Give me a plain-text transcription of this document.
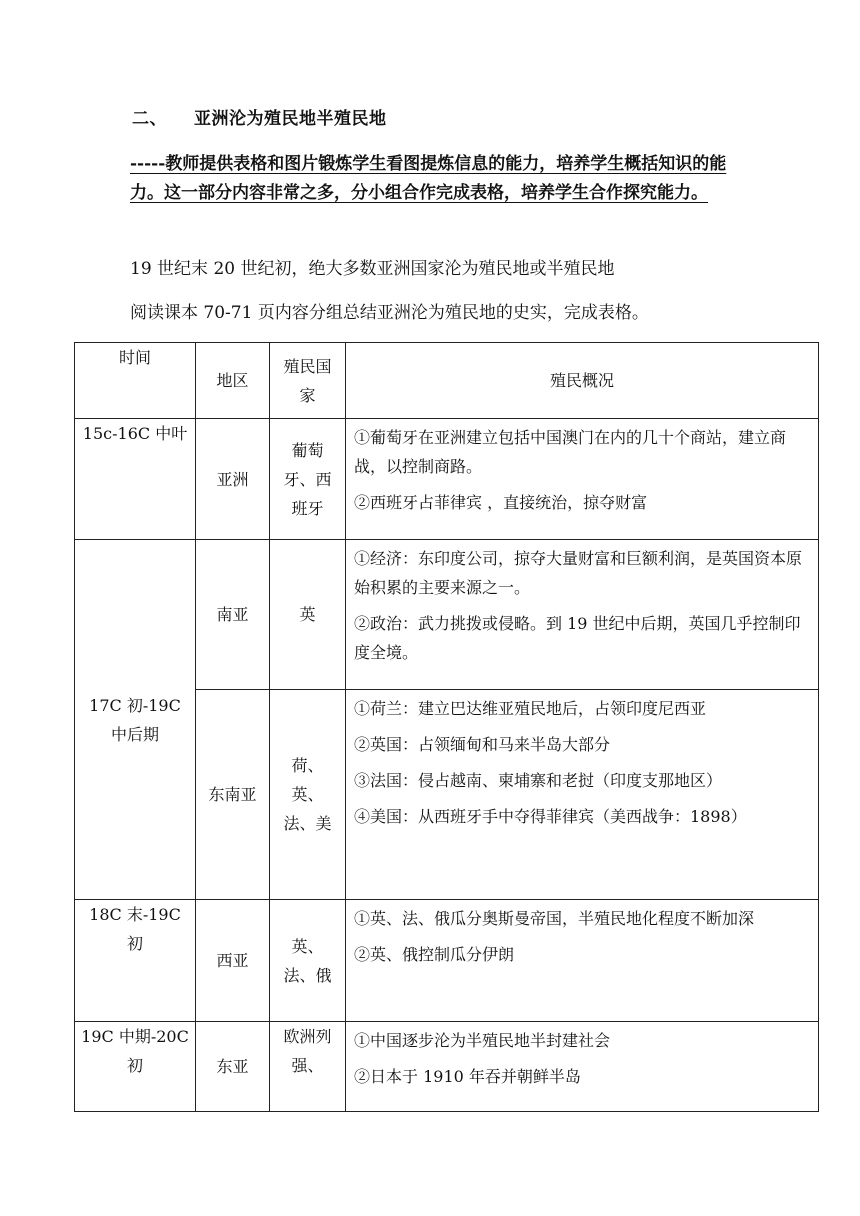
二、 亚洲沦为殖民地半殖民地
-----教师提供表格和图片锻炼学生看图提炼信息的能力，培养学生概括知识的能力。这一部分内容非常之多，分小组合作完成表格，培养学生合作探究能力。
19 世纪末 20 世纪初，绝大多数亚洲国家沦为殖民地或半殖民地
阅读课本 70-71 页内容分组总结亚洲沦为殖民地的史实，完成表格。
时间	地区	殖民国家	殖民概况
15c-16C 中叶	亚洲	葡萄牙、西班牙	①葡萄牙在亚洲建立包括中国澳门在内的几十个商站，建立商战，以控制商路。
②西班牙占菲律宾 ，直接统治，掠夺财富

17C 初-19C 中后期	南亚	英	①经济：东印度公司，掠夺大量财富和巨额利润，是英国资本原始积累的主要来源之一。
②政治：武力挑拨或侵略。到 19 世纪中后期，英国几乎控制印度全境。

	东南亚	荷、英、法、美	①荷兰：建立巴达维亚殖民地后，占领印度尼西亚
②英国：占领缅甸和马来半岛大部分
③法国：侵占越南、柬埔寨和老挝（印度支那地区）
④美国：从西班牙手中夺得菲律宾（美西战争：1898）

18C 末-19C 初	西亚	英、法、俄	①英、法、俄瓜分奥斯曼帝国，半殖民地化程度不断加深
②英、俄控制瓜分伊朗

19C 中期-20C 初	东亚	欧洲列强、	①中国逐步沦为半殖民地半封建社会
②日本于 1910 年吞并朝鲜半岛
